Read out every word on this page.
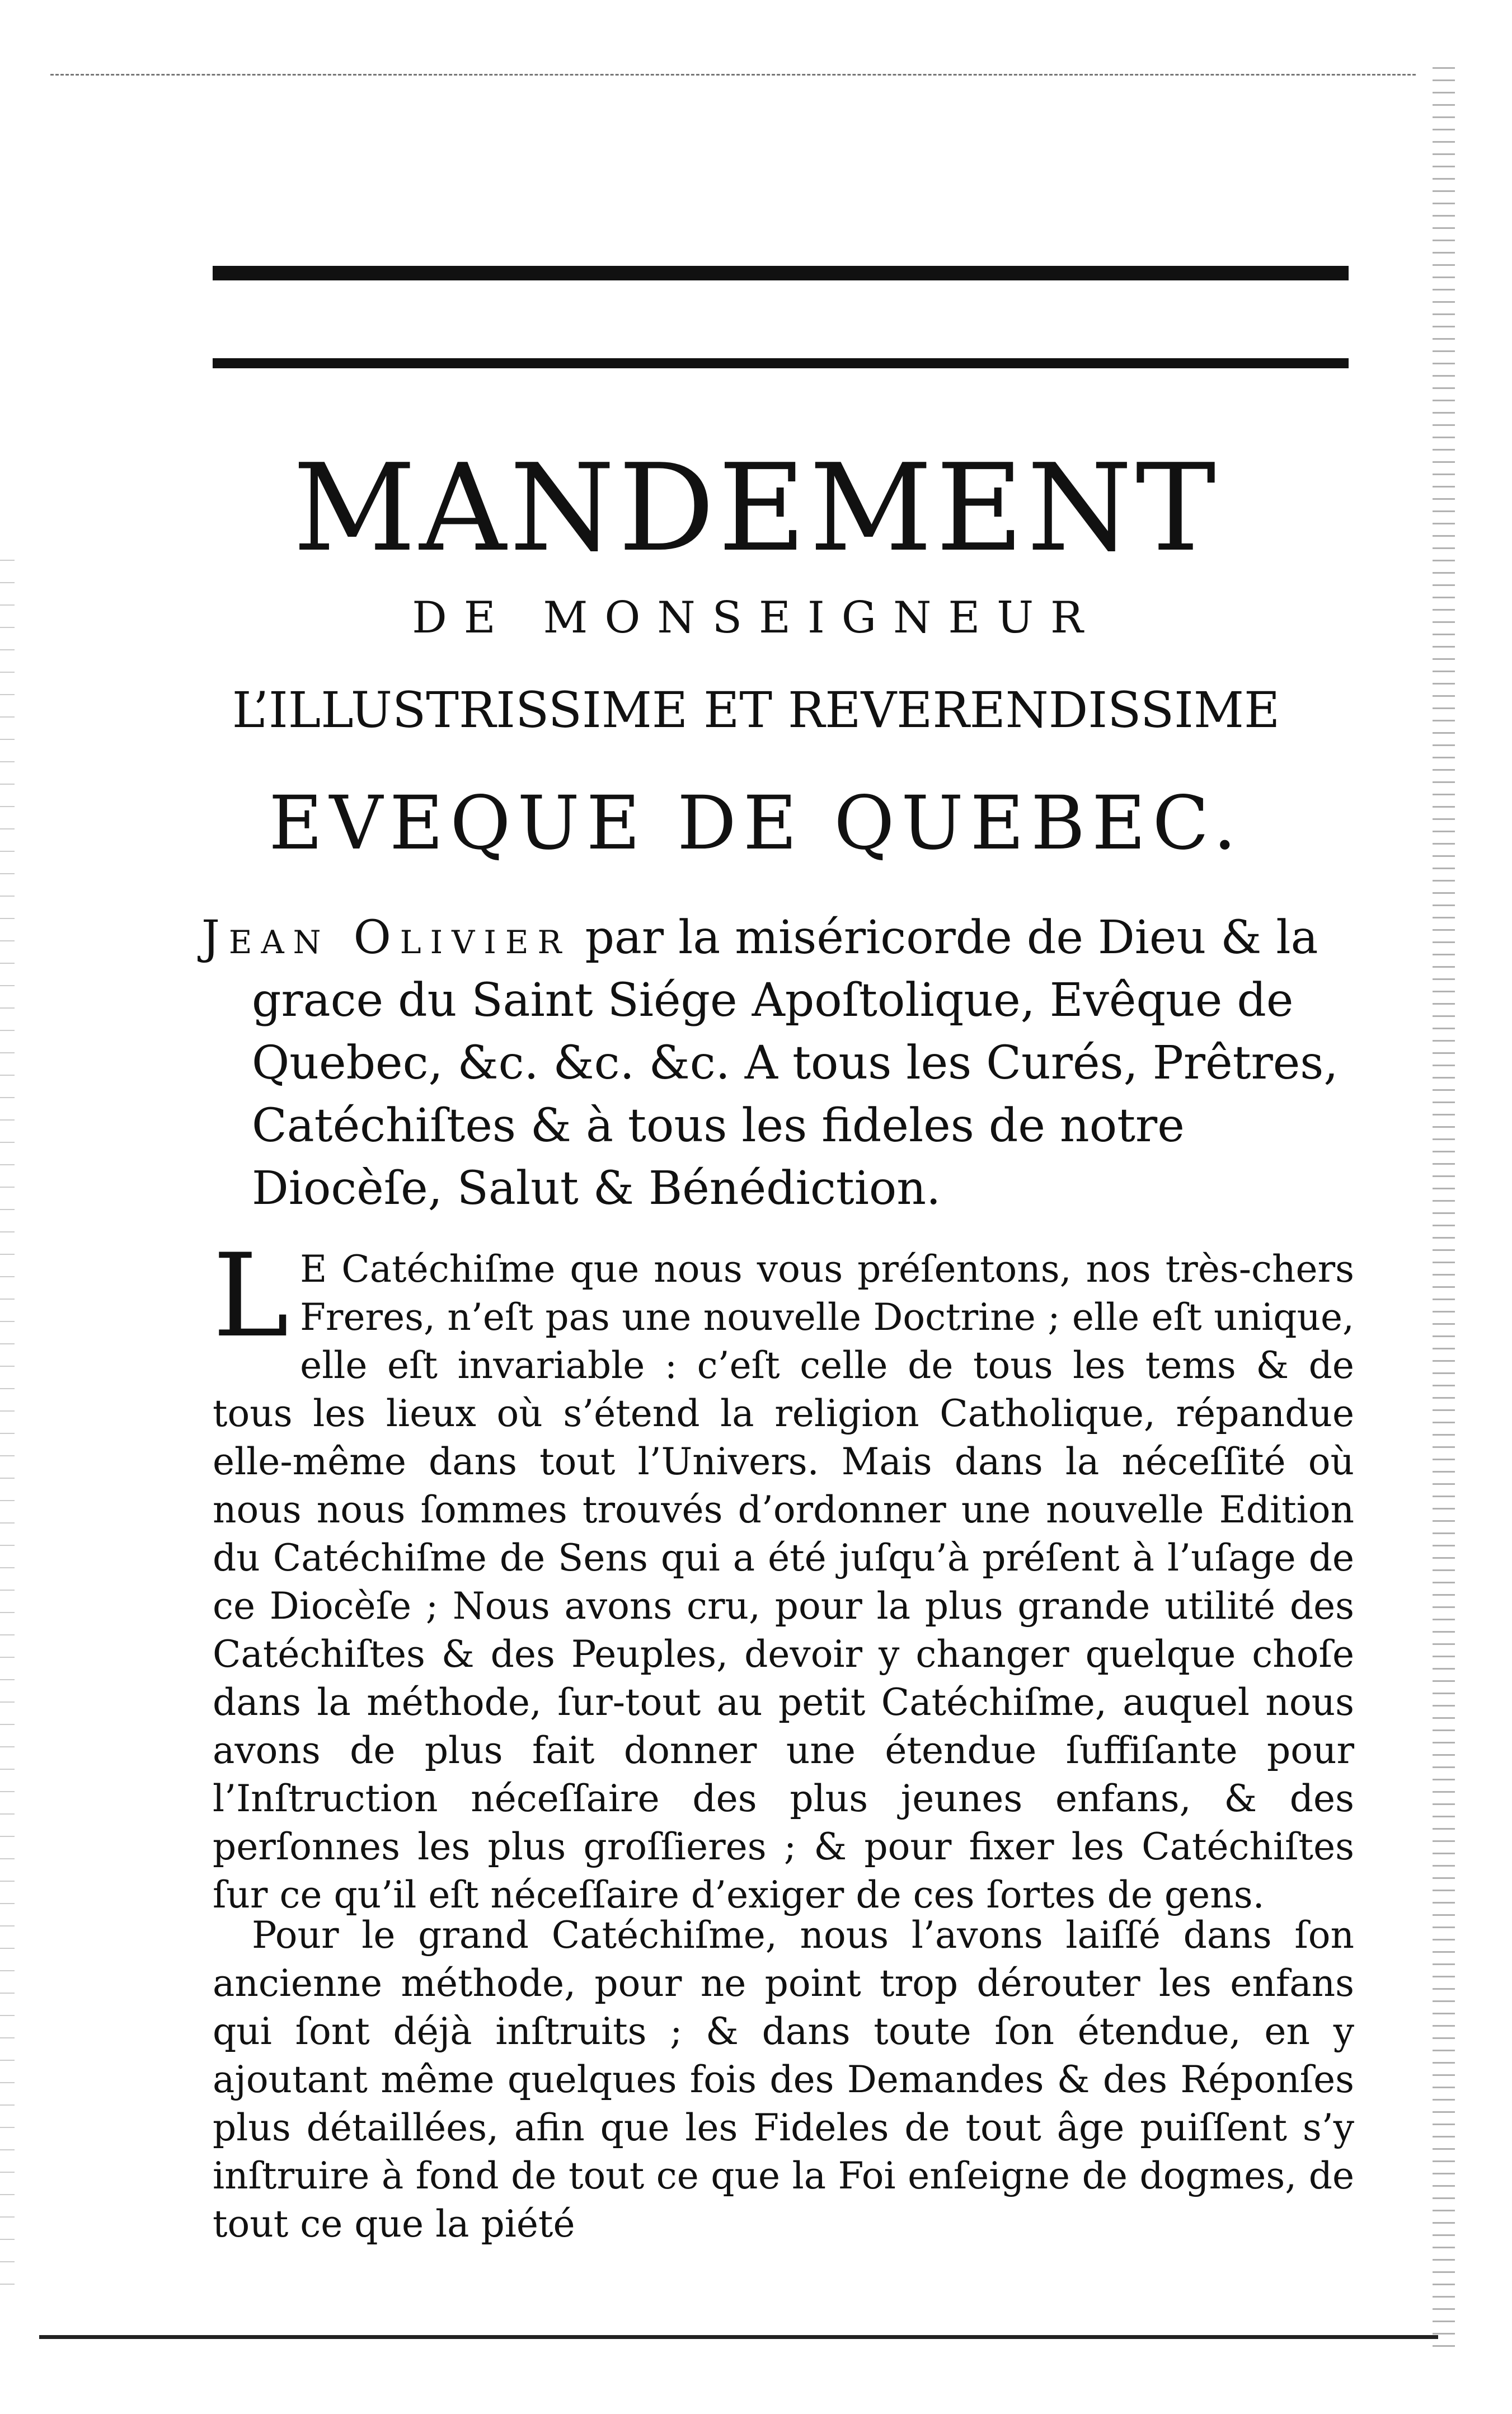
MANDEMENT
DE MONSEIGNEUR
L’ILLUSTRISSIME ET REVERENDISSIME
EVEQUE DE QUEBEC.
Jean Olivier par la miséricorde de Dieu & la
grace du Saint Siége Apoſtolique, Evêque de Quebec, &c. &c. &c. A tous les Curés, Prêtres, Catéchiſtes & à tous les fideles de notre Diocèſe, Salut & Bénédiction.
L E Catéchiſme que nous vous préſentons, nos très-chers Freres, n’eſt pas une nouvelle Doctrine ; elle eſt unique, elle eſt invariable : c’eſt celle de tous les tems & de tous les lieux où s’étend la religion Catholique, répandue elle-même dans tout l’Univers. Mais dans la néceſſité où nous nous ſommes trouvés d’ordonner une nouvelle Edition du Catéchiſme de Sens qui a été juſqu’à préſent à l’uſage de ce Diocèſe ; Nous avons cru, pour la plus grande utilité des Catéchiſtes & des Peuples, devoir y changer quelque choſe dans la méthode, ſur-tout au petit Catéchiſme, auquel nous avons de plus fait donner une étendue ſuffiſante pour l’Inſtruction néceſſaire des plus jeunes enfans, & des perſonnes les plus groſſieres ; & pour fixer les Catéchiſtes ſur ce qu’il eſt néceſſaire d’exiger de ces ſortes de gens.
Pour le grand Catéchiſme, nous l’avons laiſſé dans ſon ancienne méthode, pour ne point trop dérouter les enfans qui ſont déjà inſtruits ; & dans toute ſon étendue, en y ajoutant même quelques fois des Demandes & des Réponſes plus détaillées, afin que les Fideles de tout âge puiſſent s’y inſtruire à fond de tout ce que la Foi enſeigne de dogmes, de tout ce que la piété
